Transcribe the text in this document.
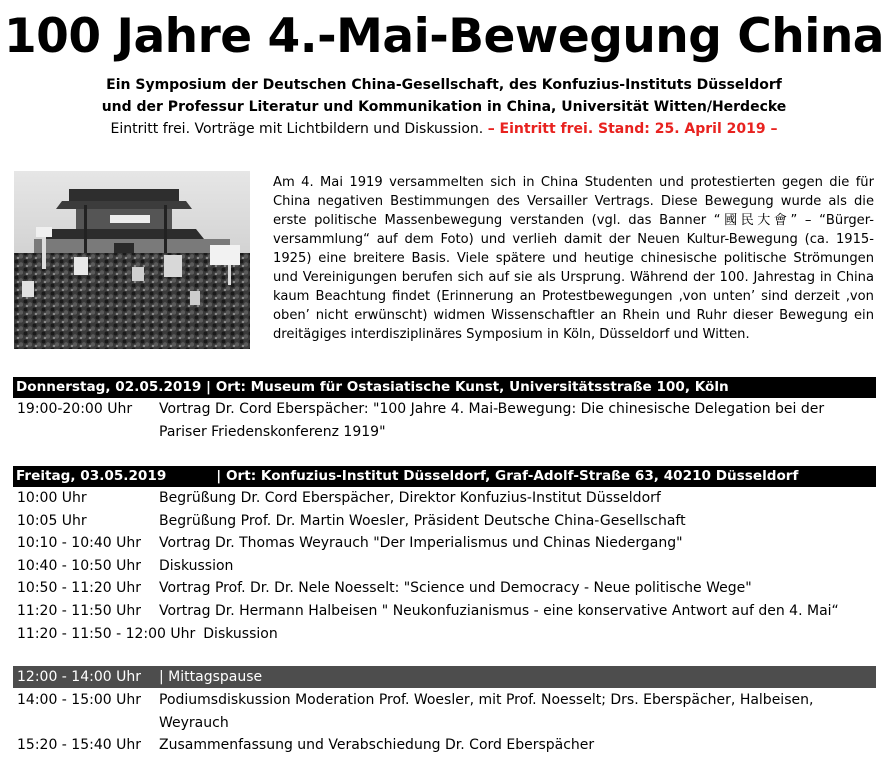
100 Jahre 4.-Mai-Bewegung China
Ein Symposium der Deutschen China-Gesellschaft, des Konfuzius-Instituts Düsseldorf
und der Professur Literatur und Kommunikation in China, Universität Witten/Herdecke
Eintritt frei. Vorträge mit Lichtbildern und Diskussion. – Eintritt frei. Stand: 25. April 2019 –
Am 4. Mai 1919 versammelten sich in China Studenten und protestierten gegen die für China negativen Bestimmungen des Versailler Vertrags. Diese Bewegung wurde als die erste politische Massenbewegung verstanden (vgl. das Banner “國民大會” – “Bürger-versammlung“ auf dem Foto) und verlieh damit der Neuen Kultur-Bewegung (ca. 1915-1925) eine breitere Basis. Viele spätere und heutige chinesische politische Strömungen und Vereinigungen berufen sich auf sie als Ursprung. Während der 100. Jahrestag in China kaum Beachtung findet (Erinnerung an Protestbewegungen ‚von unten’ sind derzeit ‚von oben’ nicht erwünscht) widmen Wissenschaftler an Rhein und Ruhr dieser Bewegung ein dreitägiges interdisziplinäres Symposium in Köln, Düsseldorf und Witten.
Donnerstag, 02.05.2019 | Ort: Museum für Ostasiatische Kunst, Universitätsstraße 100, Köln
19:00-20:00 Uhr	Vortrag Dr. Cord Eberspächer: "100 Jahre 4. Mai-Bewegung: Die chinesische Delegation bei der Pariser Friedenskonferenz 1919"
Freitag, 03.05.2019	| Ort: Konfuzius-Institut Düsseldorf, Graf-Adolf-Straße 63, 40210 Düsseldorf
10:00 Uhr	Begrüßung Dr. Cord Eberspächer, Direktor Konfuzius-Institut Düsseldorf
10:05 Uhr	Begrüßung Prof. Dr. Martin Woesler, Präsident Deutsche China-Gesellschaft
10:10 - 10:40 Uhr	Vortrag Dr. Thomas Weyrauch "Der Imperialismus und Chinas Niedergang"
10:40 - 10:50 Uhr	Diskussion
10:50 - 11:20 Uhr	Vortrag Prof. Dr. Dr. Nele Noesselt: "Science und Democracy - Neue politische Wege"
11:20 - 11:50 Uhr Vortrag Dr. Hermann Halbeisen " Neukonfuzianismus - eine konservative Antwort auf den 4. Mai“
11:20 - 11:50 - 12:00 Uhr Diskussion
12:00 - 14:00 Uhr | Mittagspause
14:00 - 15:00 Uhr	Podiumsdiskussion Moderation Prof. Woesler, mit Prof. Noesselt; Drs. Eberspächer, Halbeisen, Weyrauch
15:20 - 15:40 Uhr	Zusammenfassung und Verabschiedung Dr. Cord Eberspächer
